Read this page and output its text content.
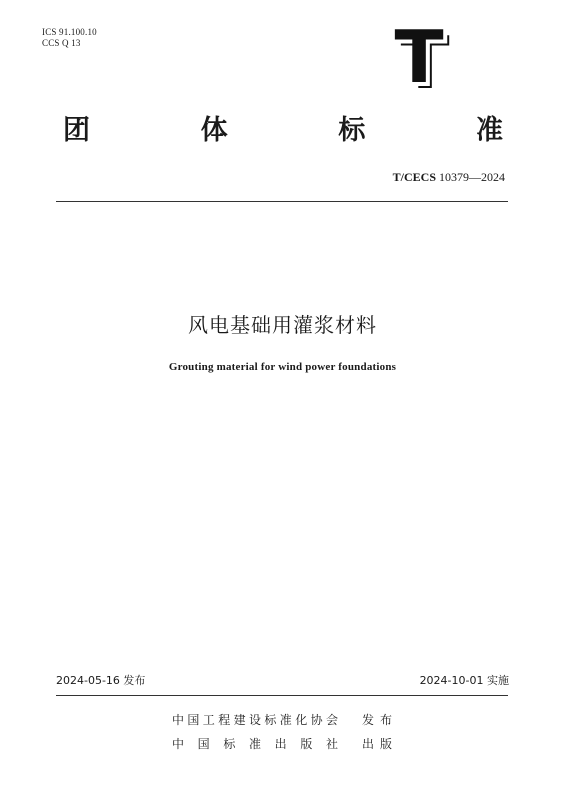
ICS 91.100.10
CCS Q 13	T
团	体	标	准
T/CECS 10379—2024
风电基础用灌浆材料
Grouting material for wind power foundations
2024-05-16 发布	2024-10-01 实施
中国工程建设标准化协会 发布
中国标准出版社 出版
